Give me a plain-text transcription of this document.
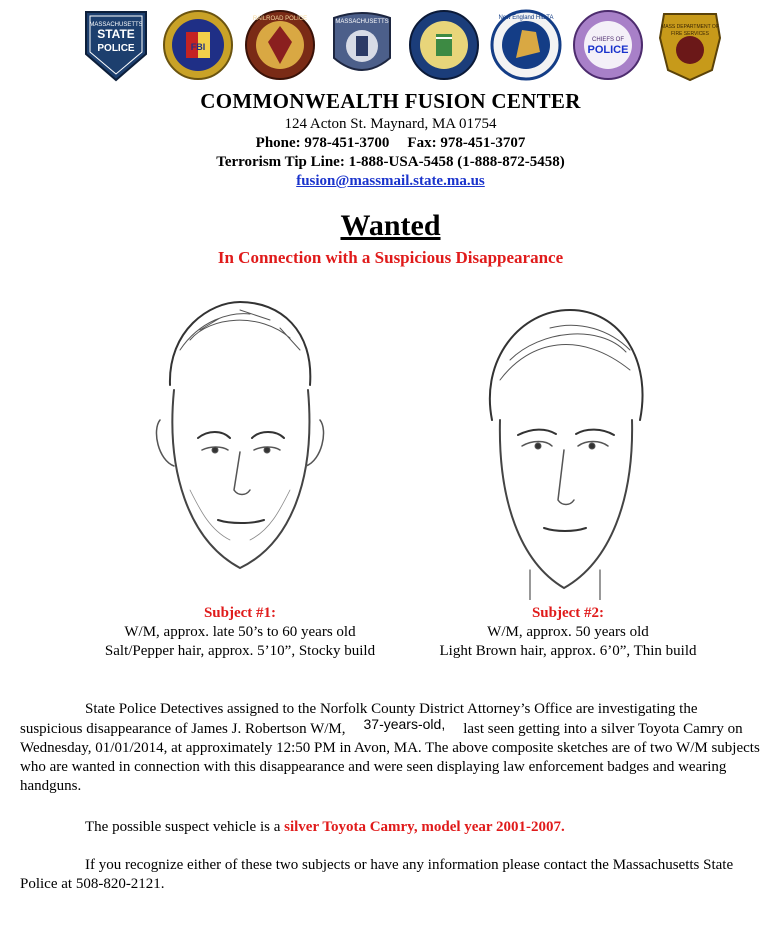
STATE
POLICE
MASSACHUSETTS
FBI
RAILROAD POLICE	MASSACHUSETTS
New England HIDTA
CHIEFS OF
POLICE
MASS DEPARTMENT OF
FIRE SERVICES
COMMONWEALTH FUSION CENTER
124 Acton St. Maynard, MA 01754
Phone: 978-451-3700 Fax: 978-451-3707
Terrorism Tip Line: 1-888-USA-5458 (1-888-872-5458)
fusion@massmail.state.ma.us
Wanted
In Connection with a Suspicious Disappearance
Subject #1:
W/M, approx. late 50’s to 60 years old
Salt/Pepper hair, approx. 5’10”, Stocky build
Subject #2:
W/M, approx. 50 years old
Light Brown hair, approx. 6’0”, Thin build
State Police Detectives assigned to the Norfolk County District Attorney’s Office are investigating the suspicious disappearance of James J. Robertson W/M, 37-years-old, last seen getting into a silver Toyota Camry on Wednesday, 01/01/2014, at approximately 12:50 PM in Avon, MA. The above composite sketches are of two W/M subjects who are wanted in connection with this disappearance and were seen displaying law enforcement badges and wearing handguns.
The possible suspect vehicle is a silver Toyota Camry, model year 2001-2007.
If you recognize either of these two subjects or have any information please contact the Massachusetts State Police at 508-820-2121.
